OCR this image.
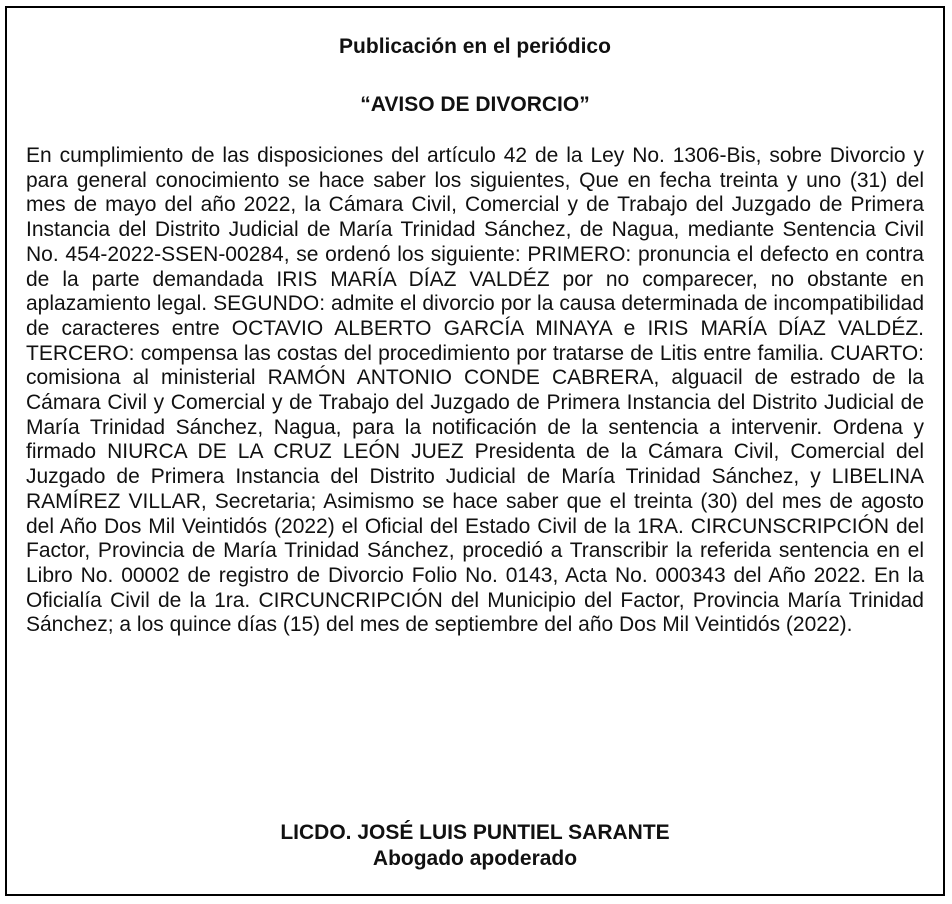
Publicación en el periódico
“AVISO DE DIVORCIO”

En cumplimiento de las disposiciones del artículo 42 de la Ley No. 1306-Bis, sobre Divorcio y para general conocimiento se hace saber los siguientes, Que en fecha treinta y uno (31) del mes de mayo del año 2022, la Cámara Civil, Comercial y de Trabajo del Juzgado de Primera Instancia del Distrito Judicial de María Trinidad Sánchez, de Nagua, mediante Sentencia Civil No. 454-2022-SSEN-00284, se ordenó los siguiente: PRIMERO: pronuncia el defecto en contra de la parte demandada IRIS MARÍA DÍAZ VALDÉZ por no comparecer, no obstante en aplazamiento legal. SEGUNDO: admite el divorcio por la causa determinada de incompatibilidad de caracteres entre OCTAVIO ALBERTO GARCÍA MINAYA e IRIS MARÍA DÍAZ VALDÉZ. TERCERO: compensa las costas del procedimiento por tratarse de Litis entre familia. CUARTO: comisiona al ministerial RAMÓN ANTONIO CONDE CABRERA, alguacil de estrado de la Cámara Civil y Comercial y de Trabajo del Juzgado de Primera Instancia del Distrito Judicial de María Trinidad Sánchez, Nagua, para la notificación de la sentencia a intervenir. Ordena y firmado NIURCA DE LA CRUZ LEÓN JUEZ Presidenta de la Cámara Civil, Comercial del Juzgado de Primera Instancia del Distrito Judicial de María Trinidad Sánchez, y LIBELINA RAMÍREZ VILLAR, Secretaria; Asimismo se hace saber que el treinta (30) del mes de agosto del Año Dos Mil Veintidós (2022) el Oficial del Estado Civil de la 1RA. CIRCUNSCRIPCIÓN del Factor, Provincia de María Trinidad Sánchez, procedió a Transcribir la referida sentencia en el Libro No. 00002 de registro de Divorcio Folio No. 0143, Acta No. 000343 del Año 2022. En la Oficialía Civil de la 1ra. CIRCUNCRIPCIÓN del Municipio del Factor, Provincia María Trinidad Sánchez; a los quince días (15) del mes de septiembre del año Dos Mil Veintidós (2022).

LICDO. JOSÉ LUIS PUNTIEL SARANTE
Abogado apoderado
